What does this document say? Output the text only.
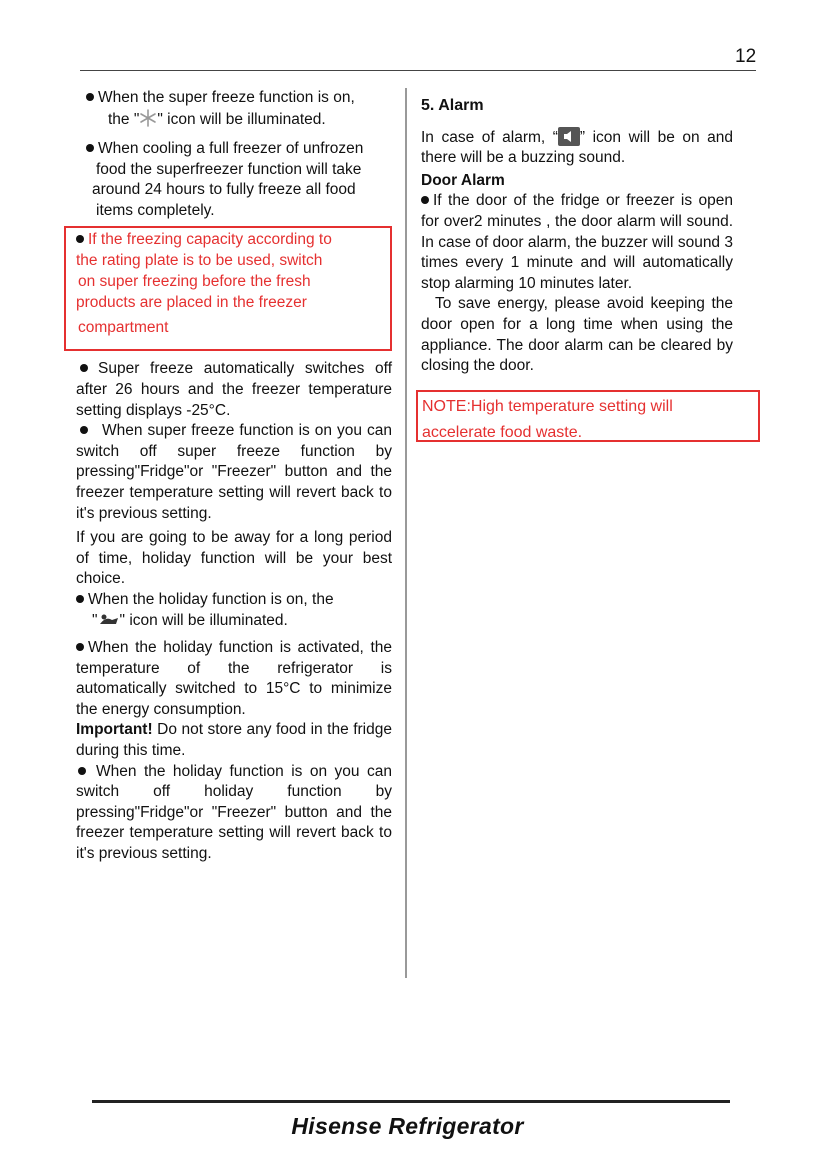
12

When the super freeze function is on,
the " " icon will be illuminated.

When cooling a full freezer of unfrozen
food the superfreezer function will take
around 24 hours to fully freeze all food
items completely.

If the freezing capacity according to
the rating plate is to be used, switch
on super freezing before the fresh
products are placed in the freezer
compartment

Super freeze automatically switches off after 26 hours and the freezer temperature setting displays -25°C.

When super freeze function is on you can switch off super freeze function by pressing"Fridge"or "Freezer" button and the freezer temperature setting will revert back to it's previous setting.

If you are going to be away for a long period of time, holiday function will be your best choice.

When the holiday function is on, the
" " icon will be illuminated.

When the holiday function is activated, the temperature of the refrigerator is automatically switched to 15°C to minimize the energy consumption.

Important! Do not store any food in the fridge during this time.

When the holiday function is on you can switch off holiday function by pressing"Fridge"or "Freezer" button and the freezer temperature setting will revert back to it's previous setting.

5. Alarm

In case of alarm, “ ” icon will be on and there will be a buzzing sound.

Door Alarm

If the door of the fridge or freezer is open for over2 minutes , the door alarm will sound. In case of door alarm, the buzzer will sound 3 times every 1 minute and will automatically stop alarming 10 minutes later.

To save energy, please avoid keeping the door open for a long time when using the appliance. The door alarm can be cleared by closing the door.

NOTE:High temperature setting will
accelerate food waste.
Hisense Refrigerator
